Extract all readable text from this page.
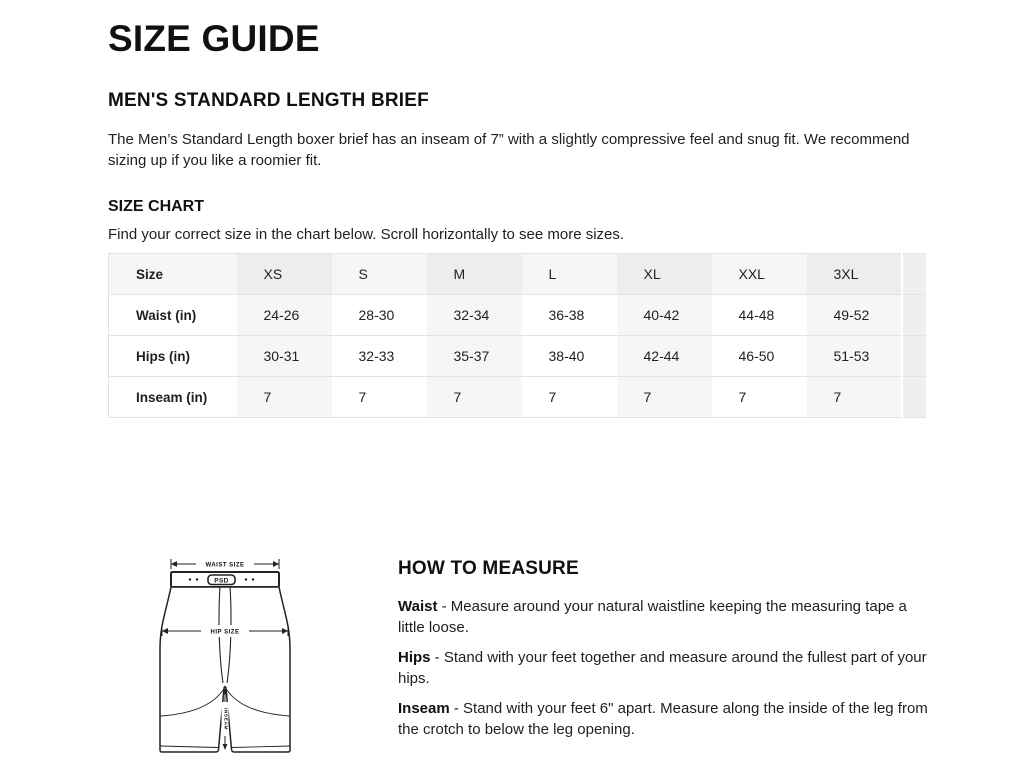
SIZE GUIDE
MEN'S STANDARD LENGTH BRIEF

The Men’s Standard Length boxer brief has an inseam of 7” with a slightly compressive feel and snug fit. We recommend sizing up if you like a roomier fit.

SIZE CHART

Find your correct size in the chart below. Scroll horizontally to see more sizes.

Size	XS	S	M	L	XL	XXL	3XL	
Waist (in)	24-26	28-30	32-34	36-38	40-42	44-48	49-52	
Hips (in)	30-31	32-33	35-37	38-40	42-44	46-50	51-53	
Inseam (in)	7	7	7	7	7	7	7	
WAIST SIZE
PSD
HIP SIZE
INSEAM
HOW TO MEASURE

Waist - Measure around your natural waistline keeping the measuring tape a little loose.

Hips - Stand with your feet together and measure around the fullest part of your hips.

Inseam - Stand with your feet 6" apart. Measure along the inside of the leg from the crotch to below the leg opening.
